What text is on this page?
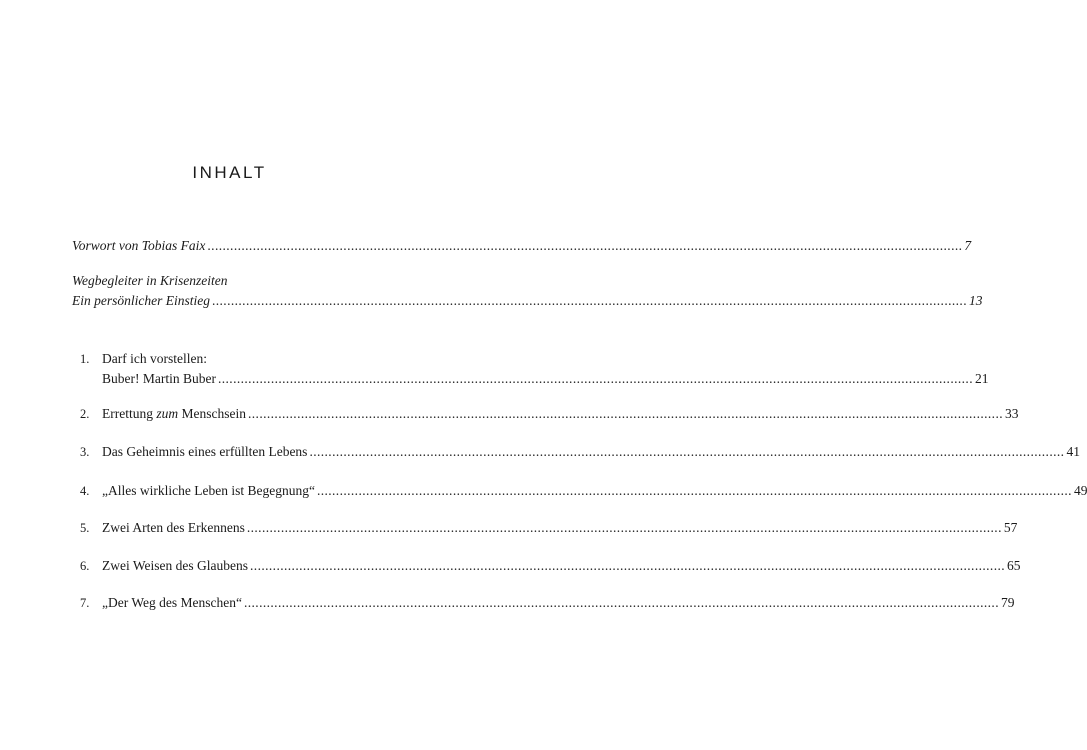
INHALT
Vorwort von Tobias Faix ........................................................................................................................................................................................................ 7
Wegbegleiter in Krisenzeiten
Ein persönlicher Einstieg ........................................................................................................................................................................................................ 13
1. Darf ich vorstellen:
Buber! Martin Buber ........................................................................................................................................................................................................ 21
2. Errettung zum Menschsein ........................................................................................................................................................................................................ 33
3. Das Geheimnis eines erfüllten Lebens ........................................................................................................................................................................................................ 41
4. „Alles wirkliche Leben ist Begegnung“ ........................................................................................................................................................................................................ 49
5. Zwei Arten des Erkennens ........................................................................................................................................................................................................ 57
6. Zwei Weisen des Glaubens ........................................................................................................................................................................................................ 65
7. „Der Weg des Menschen“ ........................................................................................................................................................................................................ 79
